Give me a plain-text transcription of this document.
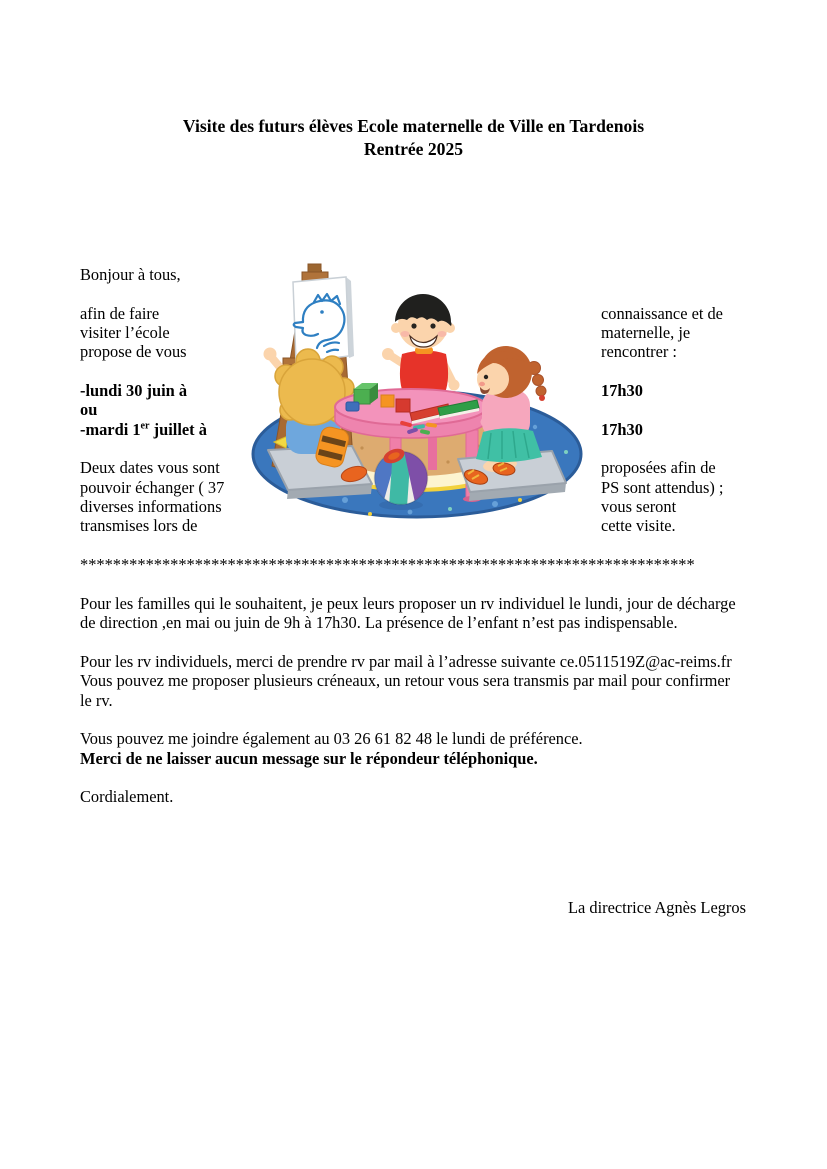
Visite des futurs élèves Ecole maternelle de Ville en Tardenois
Rentrée 2025
Bonjour à tous,

afin de faire
visiter l’école
propose de vous

-lundi 30 juin à
ou
-mardi 1er juillet à

Deux dates vous sont
pouvoir échanger ( 37
diverses informations
transmises lors de

connaissance et de
maternelle, je
rencontrer :

17h30

17h30

proposées afin de
PS sont attendus) ;
vous seront
cette visite.

***************************************************************************

Pour les familles qui le souhaitent, je peux leurs proposer un rv individuel le lundi, jour de décharge
de direction ,en mai ou juin de 9h à 17h30. La présence de l’enfant n’est pas indispensable.

Pour les rv individuels, merci de prendre rv par mail à l’adresse suivante ce.0511519Z@ac-reims.fr
Vous pouvez me proposer plusieurs créneaux, un retour vous sera transmis par mail pour confirmer
le rv.

Vous pouvez me joindre également au 03 26 61 82 48 le lundi de préférence.
Merci de ne laisser aucun message sur le répondeur téléphonique.

Cordialement.
La directrice Agnès Legros
